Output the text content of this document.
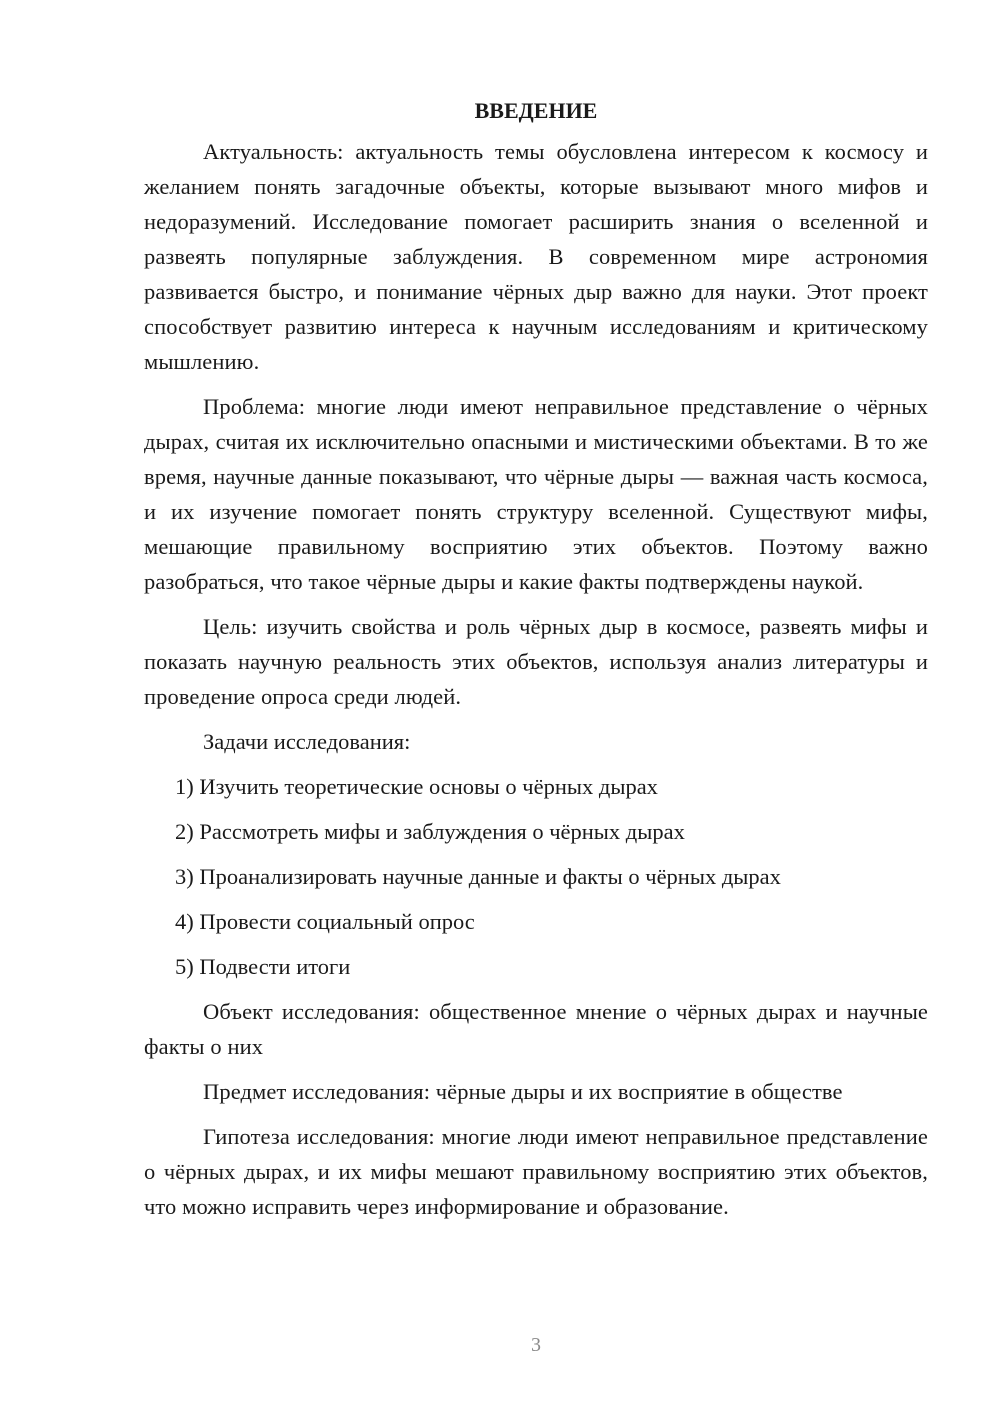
ВВЕДЕНИЕ

Актуальность: актуальность темы обусловлена интересом к космосу и желанием понять загадочные объекты, которые вызывают много мифов и недоразумений. Исследование помогает расширить знания о вселенной и развеять популярные заблуждения. В современном мире астрономия развивается быстро, и понимание чёрных дыр важно для науки. Этот проект способствует развитию интереса к научным исследованиям и критическому мышлению.

Проблема: многие люди имеют неправильное представление о чёрных дырах, считая их исключительно опасными и мистическими объектами. В то же время, научные данные показывают, что чёрные дыры — важная часть космоса, и их изучение помогает понять структуру вселенной. Существуют мифы, мешающие правильному восприятию этих объектов. Поэтому важно разобраться, что такое чёрные дыры и какие факты подтверждены наукой.

Цель: изучить свойства и роль чёрных дыр в космосе, развеять мифы и показать научную реальность этих объектов, используя анализ литературы и проведение опроса среди людей.

Задачи исследования:

1) Изучить теоретические основы о чёрных дырах

2) Рассмотреть мифы и заблуждения о чёрных дырах

3) Проанализировать научные данные и факты о чёрных дырах

4) Провести социальный опрос

5) Подвести итоги

Объект исследования: общественное мнение о чёрных дырах и научные факты о них

Предмет исследования: чёрные дыры и их восприятие в обществе

Гипотеза исследования: многие люди имеют неправильное представление о чёрных дырах, и их мифы мешают правильному восприятию этих объектов, что можно исправить через информирование и образование.

3
